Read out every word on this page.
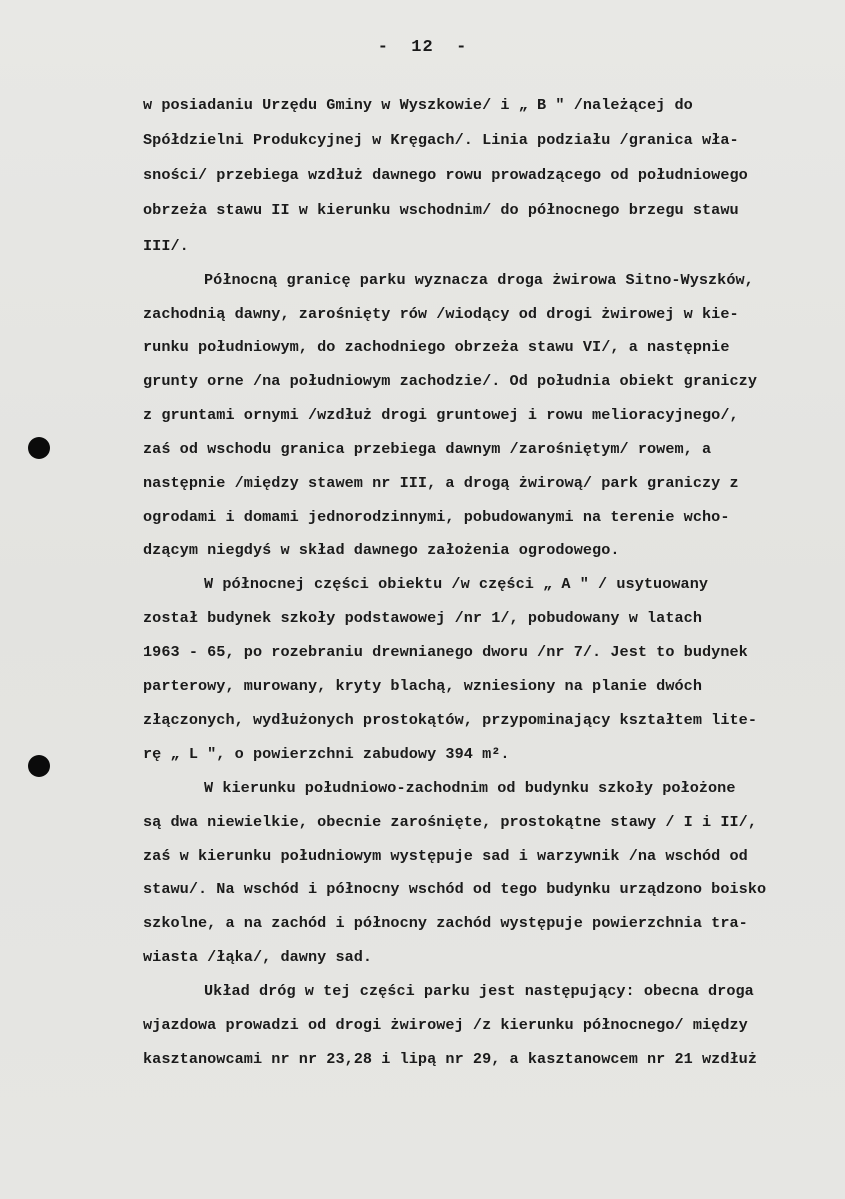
-  12  -
w posiadaniu Urzędu Gminy w Wyszkowie/ i „ B " /należącej do
Spółdzielni Produkcyjnej w Kręgach/. Linia podziału /granica wła-
sności/ przebiega wzdłuż dawnego rowu prowadzącego od południowego
obrzeża stawu II w kierunku wschodnim/ do północnego brzegu stawu
III/.
Północną granicę parku wyznacza droga żwirowa Sitno-Wyszków,
zachodnią dawny, zarośnięty rów /wiodący od drogi żwirowej w kie-
runku południowym, do zachodniego obrzeża stawu VI/, a następnie
grunty orne /na południowym zachodzie/. Od południa obiekt graniczy
z gruntami ornymi /wzdłuż drogi gruntowej i rowu melioracyjnego/,
zaś od wschodu granica przebiega dawnym /zarośniętym/ rowem, a
następnie /między stawem nr III, a drogą żwirową/ park graniczy z
ogrodami i domami jednorodzinnymi, pobudowanymi na terenie wcho-
dzącym niegdyś w skład dawnego założenia ogrodowego.
W północnej części obiektu /w części „ A " / usytuowany
został budynek szkoły podstawowej /nr 1/, pobudowany w latach
1963 - 65, po rozebraniu drewnianego dworu /nr 7/. Jest to budynek
parterowy, murowany, kryty blachą, wzniesiony na planie dwóch
złączonych, wydłużonych prostokątów, przypominający kształtem lite-
rę „ L ", o powierzchni zabudowy 394 m².
W kierunku południowo-zachodnim od budynku szkoły położone
są dwa niewielkie, obecnie zarośnięte, prostokątne stawy / I i II/,
zaś w kierunku południowym występuje sad i warzywnik /na wschód od
stawu/. Na wschód i północny wschód od tego budynku urządzono boisko
szkolne, a na zachód i północny zachód występuje powierzchnia tra-
wiasta /łąka/, dawny sad.
Układ dróg w tej części parku jest następujący: obecna droga
wjazdowa prowadzi od drogi żwirowej /z kierunku północnego/ między
kasztanowcami nr nr 23,28 i lipą nr 29, a kasztanowcem nr 21 wzdłuż
